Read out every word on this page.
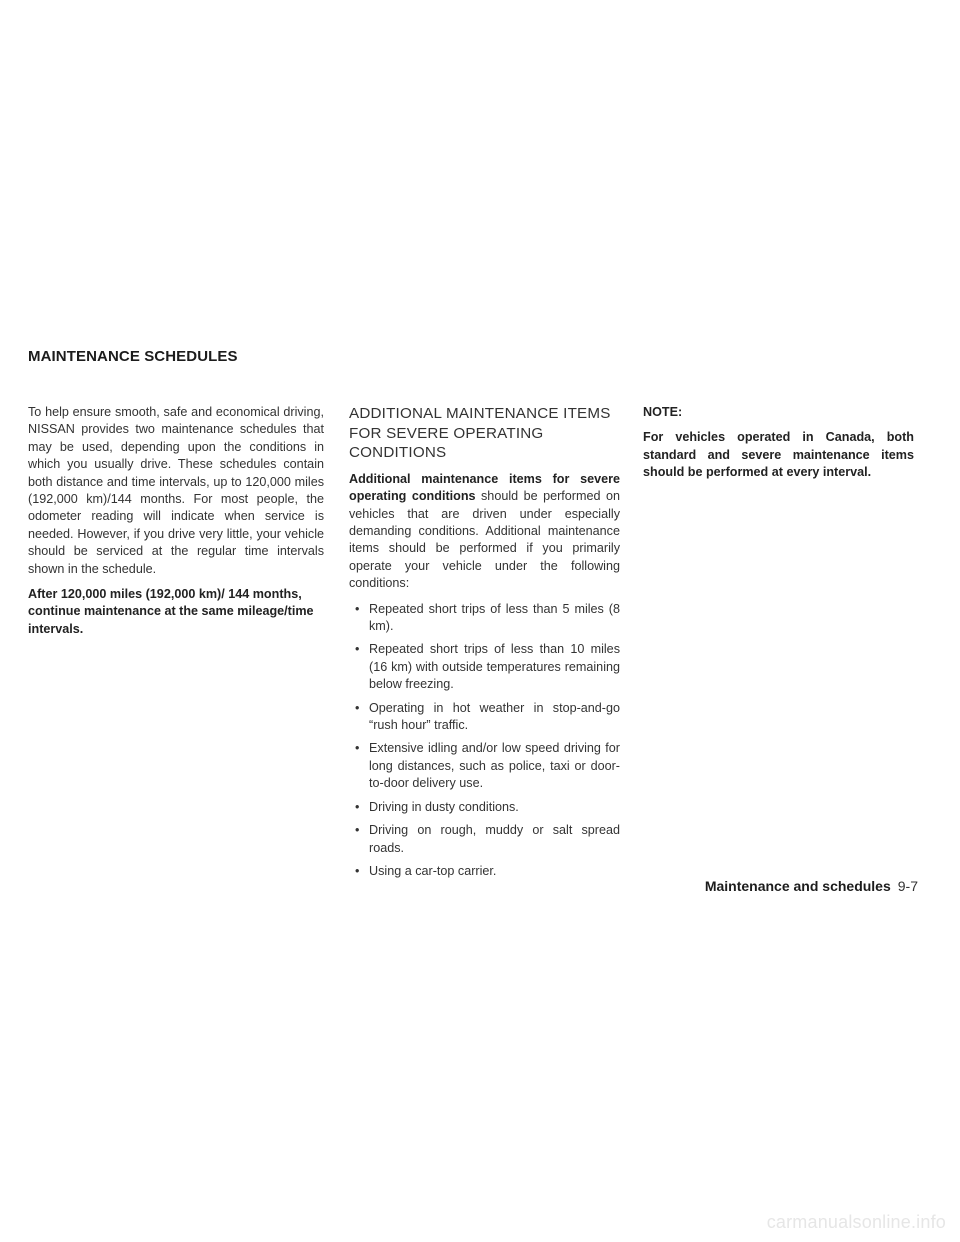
MAINTENANCE SCHEDULES

To help ensure smooth, safe and economical driving, NISSAN provides two maintenance schedules that may be used, depending upon the conditions in which you usually drive. These schedules contain both distance and time intervals, up to 120,000 miles (192,000 km)/144 months. For most people, the odometer reading will indicate when service is needed. However, if you drive very little, your vehicle should be serviced at the regular time intervals shown in the schedule.

After 120,000 miles (192,000 km)/ 144 months, continue maintenance at the same mileage/time intervals.

ADDITIONAL MAINTENANCE ITEMS FOR SEVERE OPERATING CONDITIONS

Additional maintenance items for severe operating conditions should be performed on vehicles that are driven under especially demanding conditions. Additional maintenance items should be performed if you primarily operate your vehicle under the following conditions:

• Repeated short trips of less than 5 miles (8 km).
• Repeated short trips of less than 10 miles (16 km) with outside temperatures remaining below freezing.
• Operating in hot weather in stop-and-go “rush hour” traffic.
• Extensive idling and/or low speed driving for long distances, such as police, taxi or door-to-door delivery use.
• Driving in dusty conditions.
• Driving on rough, muddy or salt spread roads.
• Using a car-top carrier.

NOTE:

For vehicles operated in Canada, both standard and severe maintenance items should be performed at every interval.

Maintenance and schedules 9-7
carmanualsonline.info
